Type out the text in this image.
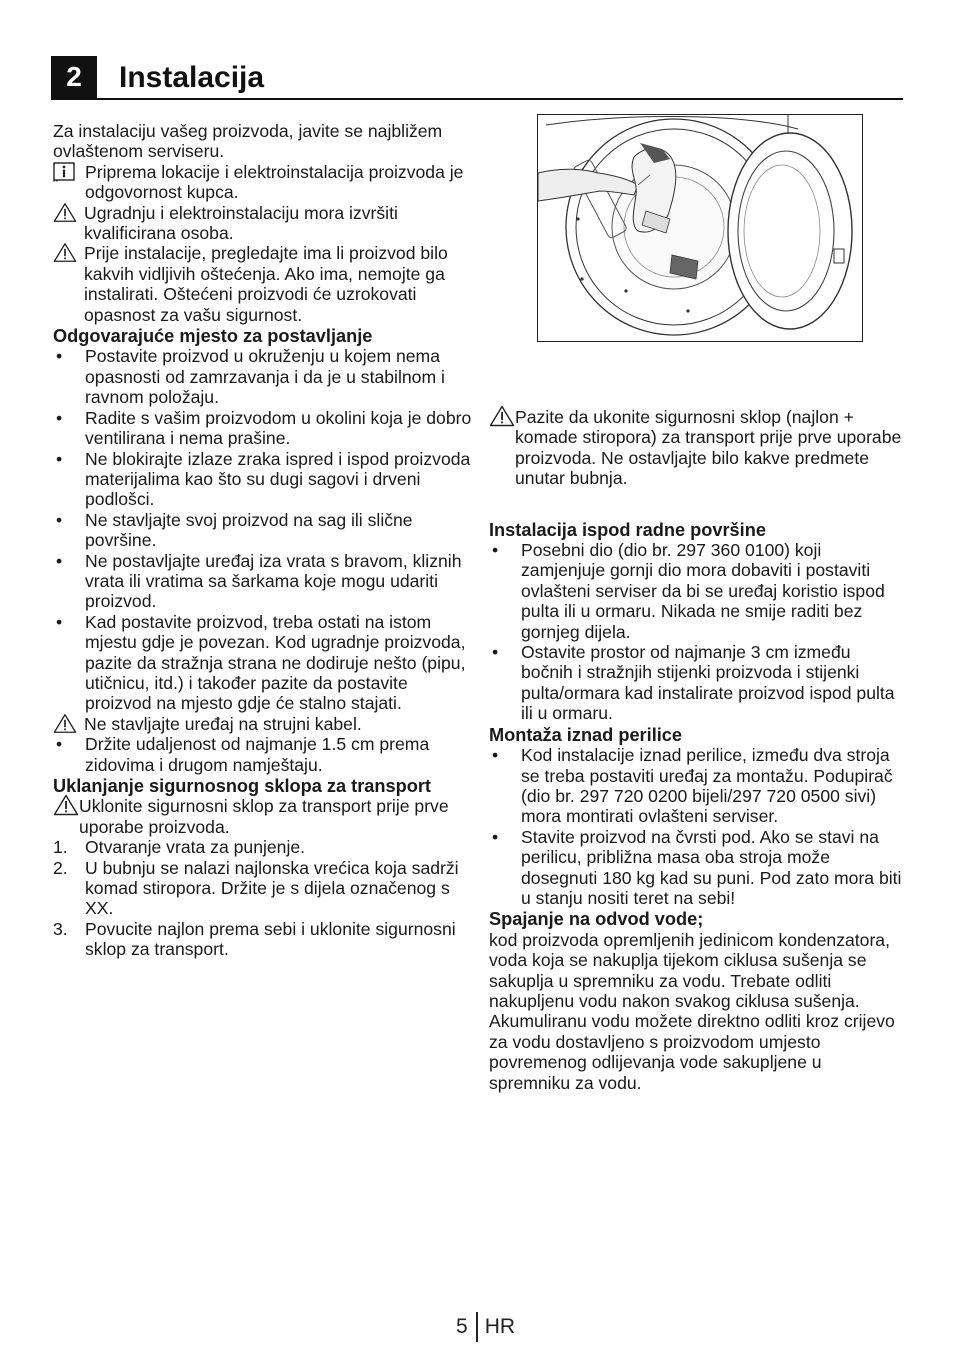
2	Instalacija

Za instalaciju vašeg proizvoda, javite se najbližem ovlaštenom serviseru.

Priprema lokacije i elektroinstalacija proizvoda je odgovornost kupca.
Ugradnju i elektroinstalaciju mora izvršiti kvalificirana osoba.
Prije instalacije, pregledajte ima li proizvod bilo kakvih vidljivih oštećenja. Ako ima, nemojte ga instalirati. Oštećeni proizvodi će uzrokovati opasnost za vašu sigurnost.

Odgovarajuće mjesto za postavljanje

• Postavite proizvod u okruženju u kojem nema opasnosti od zamrzavanja i da je u stabilnom i ravnom položaju.
• Radite s vašim proizvodom u okolini koja je dobro ventilirana i nema prašine.
• Ne blokirajte izlaze zraka ispred i ispod proizvoda materijalima kao što su dugi sagovi i drveni podlošci.
• Ne stavljajte svoj proizvod na sag ili slične površine.
• Ne postavljajte uređaj iza vrata s bravom, kliznih vrata ili vratima sa šarkama koje mogu udariti proizvod.
• Kad postavite proizvod, treba ostati na istom mjestu gdje je povezan. Kod ugradnje proizvoda, pazite da stražnja strana ne dodiruje nešto (pipu, utičnicu, itd.) i također pazite da postavite proizvod na mjesto gdje će stalno stajati.
Ne stavljajte uređaj na strujni kabel.
• Držite udaljenost od najmanje 1.5 cm prema zidovima i drugom namještaju.

Uklanjanje sigurnosnog sklopa za transport

Uklonite sigurnosni sklop za transport prije prve uporabe proizvoda.
1. Otvaranje vrata za punjenje.
2. U bubnju se nalazi najlonska vrećica koja sadrži komad stiropora. Držite je s dijela označenog s XX.
3. Povucite najlon prema sebi i uklonite sigurnosni sklop za transport.
Pazite da ukonite sigurnosni sklop (najlon + komade stiropora) za transport prije prve uporabe proizvoda. Ne ostavljajte bilo kakve predmete unutar bubnja.

Instalacija ispod radne površine

• Posebni dio (dio br. 297 360 0100) koji zamjenjuje gornji dio mora dobaviti i postaviti ovlašteni serviser da bi se uređaj koristio ispod pulta ili u ormaru. Nikada ne smije raditi bez gornjeg dijela.
• Ostavite prostor od najmanje 3 cm između bočnih i stražnjih stijenki proizvoda i stijenki pulta/ormara kad instalirate proizvod ispod pulta ili u ormaru.

Montaža iznad perilice

• Kod instalacije iznad perilice, između dva stroja se treba postaviti uređaj za montažu. Podupirač (dio br. 297 720 0200 bijeli/297 720 0500 sivi) mora montirati ovlašteni serviser.
• Stavite proizvod na čvrsti pod. Ako se stavi na perilicu, približna masa oba stroja može dosegnuti 180 kg kad su puni. Pod zato mora biti u stanju nositi teret na sebi!

Spajanje na odvod vode;

kod proizvoda opremljenih jedinicom kondenzatora, voda koja se nakuplja tijekom ciklusa sušenja se sakuplja u spremniku za vodu. Trebate odliti nakupljenu vodu nakon svakog ciklusa sušenja.

Akumuliranu vodu možete direktno odliti kroz crijevo za vodu dostavljeno s proizvodom umjesto povremenog odlijevanja vode sakupljene u spremniku za vodu.

5 HR
